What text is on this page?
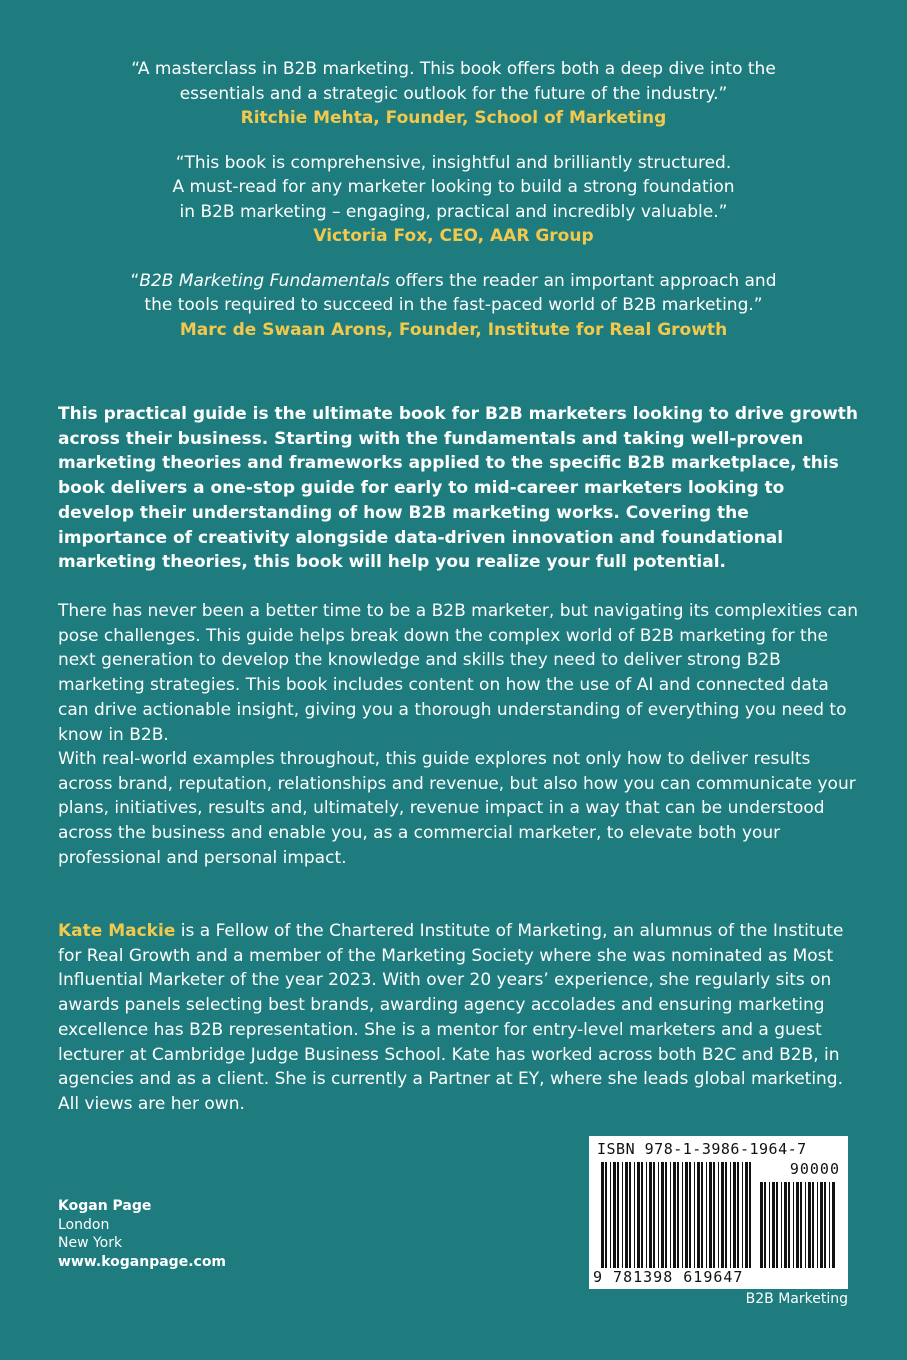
“A masterclass in B2B marketing. This book offers both a deep dive into the
essentials and a strategic outlook for the future of the industry.”
Ritchie Mehta, Founder, School of Marketing
“This book is comprehensive, insightful and brilliantly structured.
A must-read for any marketer looking to build a strong foundation
in B2B marketing – engaging, practical and incredibly valuable.”
Victoria Fox, CEO, AAR Group
“B2B Marketing Fundamentals offers the reader an important approach and
the tools required to succeed in the fast-paced world of B2B marketing.”
Marc de Swaan Arons, Founder, Institute for Real Growth
This practical guide is the ultimate book for B2B marketers looking to drive growth across their business. Starting with the fundamentals and taking well-proven marketing theories and frameworks applied to the specific B2B marketplace, this book delivers a one-stop guide for early to mid-career marketers looking to develop their understanding of how B2B marketing works. Covering the importance of creativity alongside data-driven innovation and foundational marketing theories, this book will help you realize your full potential.
There has never been a better time to be a B2B marketer, but navigating its complexities can pose challenges. This guide helps break down the complex world of B2B marketing for the next generation to develop the knowledge and skills they need to deliver strong B2B marketing strategies. This book includes content on how the use of AI and connected data can drive actionable insight, giving you a thorough understanding of everything you need to know in B2B.
With real-world examples throughout, this guide explores not only how to deliver results across brand, reputation, relationships and revenue, but also how you can communicate your plans, initiatives, results and, ultimately, revenue impact in a way that can be understood across the business and enable you, as a commercial marketer, to elevate both your professional and personal impact.
Kate Mackie is a Fellow of the Chartered Institute of Marketing, an alumnus of the Institute for Real Growth and a member of the Marketing Society where she was nominated as Most Influential Marketer of the year 2023. With over 20 years’ experience, she regularly sits on awards panels selecting best brands, awarding agency accolades and ensuring marketing excellence has B2B representation. She is a mentor for entry-level marketers and a guest lecturer at Cambridge Judge Business School. Kate has worked across both B2C and B2B, in agencies and as a client. She is currently a Partner at EY, where she leads global marketing. All views are her own.
Kogan Page
London
New York
www.koganpage.com
ISBN 978-1-3986-1964-7
90000
9 781398 619647
B2B Marketing
